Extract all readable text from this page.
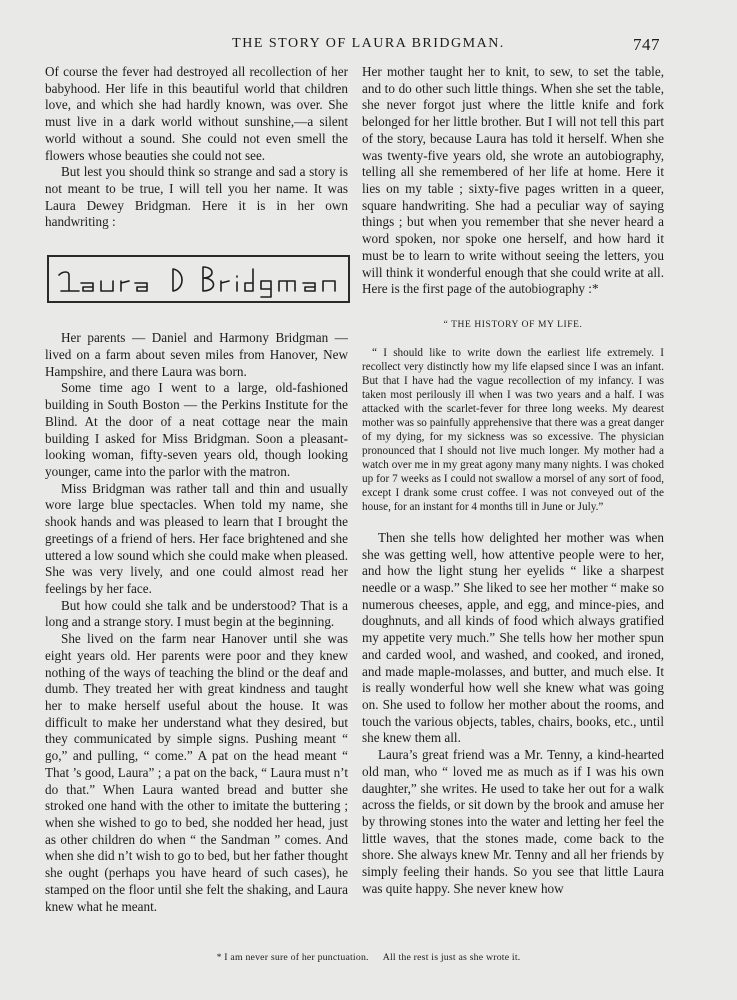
THE STORY OF LAURA BRIDGMAN.	747

Of course the fever had destroyed all recollection of her babyhood. Her life in this beautiful world that children love, and which she had hardly known, was over. She must live in a dark world without sunshine,—a silent world without a sound. She could not even smell the flowers whose beauties she could not see.

But lest you should think so strange and sad a story is not meant to be true, I will tell you her name. It was Laura Dewey Bridgman. Here it is in her own handwriting :

Her parents — Daniel and Harmony Bridgman — lived on a farm about seven miles from Hanover, New Hampshire, and there Laura was born.

Some time ago I went to a large, old-fashioned building in South Boston — the Perkins Institute for the Blind. At the door of a neat cottage near the main building I asked for Miss Bridgman. Soon a pleasant-looking woman, fifty-seven years old, though looking younger, came into the parlor with the matron.

Miss Bridgman was rather tall and thin and usually wore large blue spectacles. When told my name, she shook hands and was pleased to learn that I brought the greetings of a friend of hers. Her face brightened and she uttered a low sound which she could make when pleased. She was very lively, and one could almost read her feelings by her face.

But how could she talk and be understood? That is a long and a strange story. I must begin at the beginning.

She lived on the farm near Hanover until she was eight years old. Her parents were poor and they knew nothing of the ways of teaching the blind or the deaf and dumb. They treated her with great kindness and taught her to make herself useful about the house. It was difficult to make her understand what they desired, but they communicated by simple signs. Pushing meant “ go,” and pulling, “ come.” A pat on the head meant “ That ’s good, Laura” ; a pat on the back, “ Laura must n’t do that.” When Laura wanted bread and butter she stroked one hand with the other to imitate the buttering ; when she wished to go to bed, she nodded her head, just as other children do when “ the Sandman ” comes. And when she did n’t wish to go to bed, but her father thought she ought (perhaps you have heard of such cases), he stamped on the floor until she felt the shaking, and Laura knew what he meant.

Her mother taught her to knit, to sew, to set the table, and to do other such little things. When she set the table, she never forgot just where the little knife and fork belonged for her little brother. But I will not tell this part of the story, because Laura has told it herself. When she was twenty-five years old, she wrote an autobiography, telling all she remembered of her life at home. Here it lies on my table ; sixty-five pages written in a queer, square handwriting. She had a peculiar way of saying things ; but when you remember that she never heard a word spoken, nor spoke one herself, and how hard it must be to learn to write without seeing the letters, you will think it wonderful enough that she could write at all. Here is the first page of the autobiography :*

“ THE HISTORY OF MY LIFE.

“ I should like to write down the earliest life extremely. I recollect very distinctly how my life elapsed since I was an infant. But that I have had the vague recollection of my infancy. I was taken most perilously ill when I was two years and a half. I was attacked with the scarlet-fever for three long weeks. My dearest mother was so painfully apprehensive that there was a great danger of my dying, for my sickness was so excessive. The physician pronounced that I should not live much longer. My mother had a watch over me in my great agony many many nights. I was choked up for 7 weeks as I could not swallow a morsel of any sort of food, except I drank some crust coffee. I was not conveyed out of the house, for an instant for 4 months till in June or July.”

Then she tells how delighted her mother was when she was getting well, how attentive people were to her, and how the light stung her eyelids “ like a sharpest needle or a wasp.” She liked to see her mother “ make so numerous cheeses, apple, and egg, and mince-pies, and doughnuts, and all kinds of food which always gratified my appetite very much.” She tells how her mother spun and carded wool, and washed, and cooked, and ironed, and made maple-molasses, and butter, and much else. It is really wonderful how well she knew what was going on. She used to follow her mother about the rooms, and touch the various objects, tables, chairs, books, etc., until she knew them all.

Laura’s great friend was a Mr. Tenny, a kind-hearted old man, who “ loved me as much as if I was his own daughter,” she writes. He used to take her out for a walk across the fields, or sit down by the brook and amuse her by throwing stones into the water and letting her feel the little waves, that the stones made, come back to the shore. She always knew Mr. Tenny and all her friends by simply feeling their hands. So you see that little Laura was quite happy. She never knew how

* I am never sure of her punctuation. All the rest is just as she wrote it.
